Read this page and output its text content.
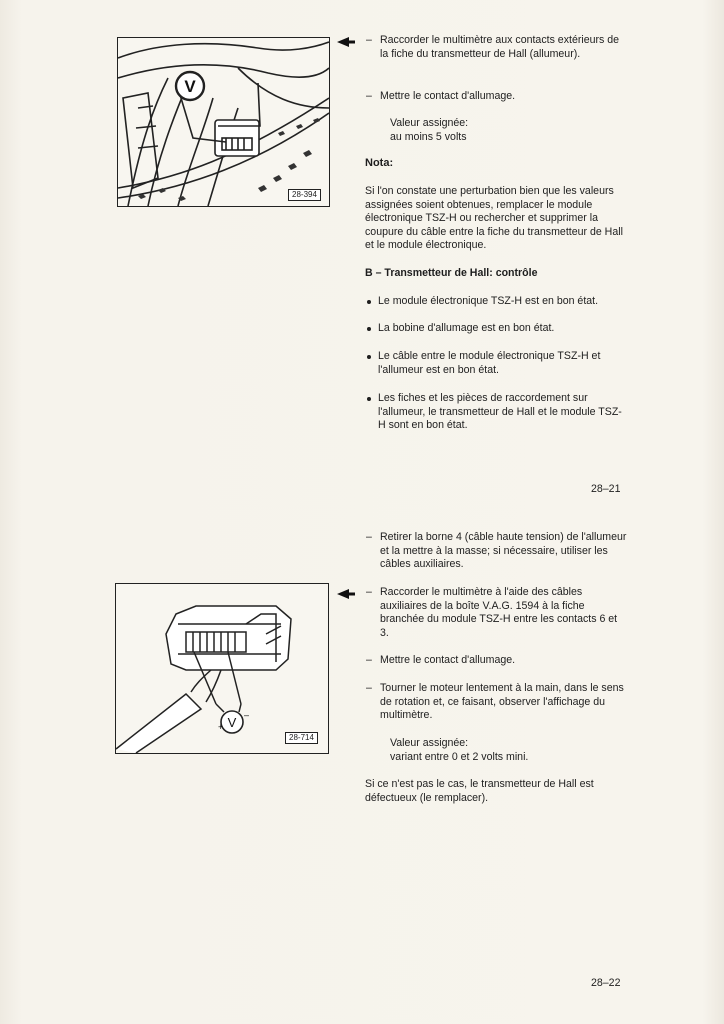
V
28-394
– Raccorder le multimètre aux contacts extérieurs de la fiche du transmetteur de Hall (allumeur).
– Mettre le contact d'allumage.
Valeur assignée:
au moins 5 volts
Nota:
Si l'on constate une perturbation bien que les valeurs assignées soient obtenues, remplacer le module électronique TSZ-H ou rechercher et supprimer la coupure du câble entre la fiche du transmetteur de Hall et le module électronique.
B – Transmetteur de Hall: contrôle
Le module électronique TSZ-H est en bon état.
La bobine d'allumage est en bon état.
Le câble entre le module électronique TSZ-H et l'allumeur est en bon état.
Les fiches et les pièces de raccordement sur l'allumeur, le transmetteur de Hall et le module TSZ-H sont en bon état.
28–21
– Retirer la borne 4 (câble haute tension) de l'allumeur et la mettre à la masse; si nécessaire, utiliser les câbles auxiliaires.
V
+
–
28-714
– Raccorder le multimètre à l'aide des câbles auxiliaires de la boîte V.A.G. 1594 à la fiche branchée du module TSZ-H entre les contacts 6 et 3.
– Mettre le contact d'allumage.
– Tourner le moteur lentement à la main, dans le sens de rotation et, ce faisant, observer l'affichage du multimètre.
Valeur assignée:
variant entre 0 et 2 volts mini.
Si ce n'est pas le cas, le transmetteur de Hall est défectueux (le remplacer).
28–22
